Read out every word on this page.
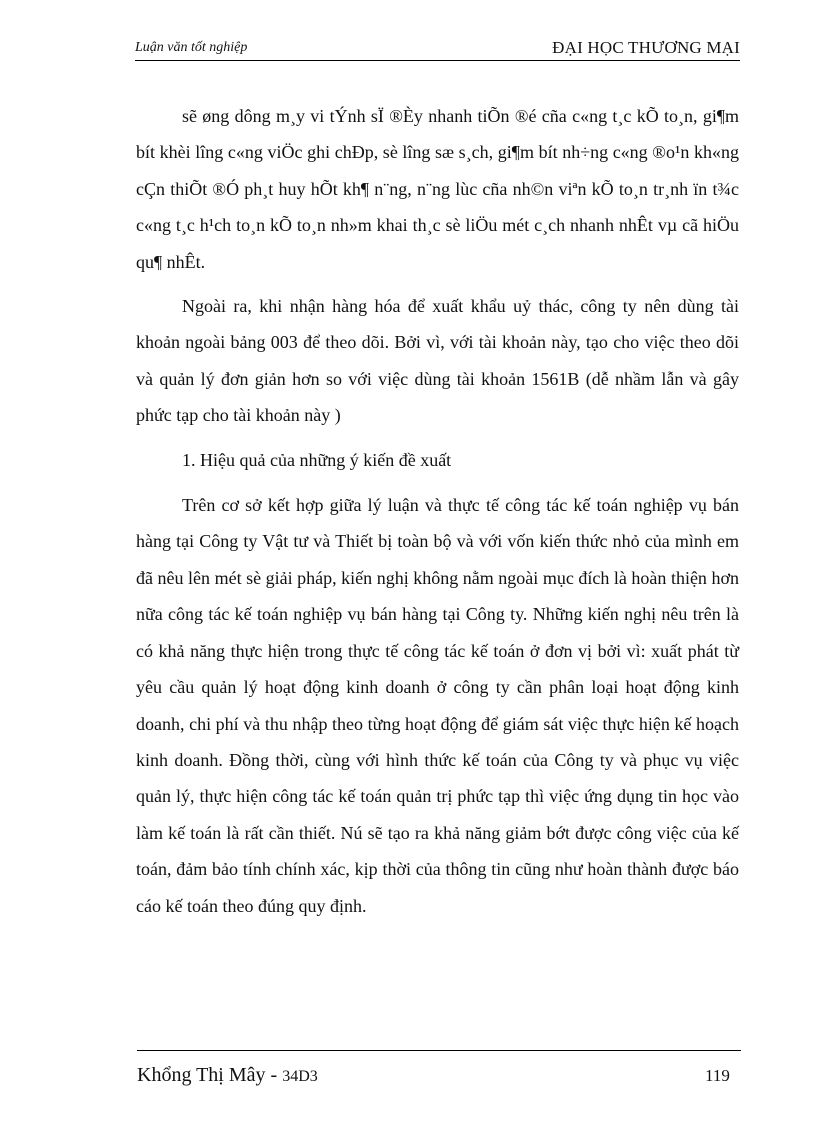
Luận văn tốt nghiệp	ĐẠI HỌC THƯƠNG MẠI

sẽ øng dông m¸y vi tÝnh sÏ ®Èy nhanh tiÕn ®é cña c«ng t¸c kÕ to¸n, gi¶m bít khèi lîng c«ng viÖc ghi chÐp, sè lîng sæ s¸ch, gi¶m bít nh÷ng c«ng ®o¹n kh«ng cÇn thiÕt ®Ó ph¸t huy hÕt kh¶ n¨ng, n¨ng lùc cña nh©n viªn kÕ to¸n tr¸nh ïn t¾c c«ng t¸c h¹ch to¸n kÕ to¸n nh»m khai th¸c sè liÖu mét c¸ch nhanh nhÊt vµ cã hiÖu qu¶ nhÊt.

Ngoài ra, khi nhận hàng hóa để xuất khẩu uỷ thác, công ty nên dùng tài khoản ngoài bảng 003 để theo dõi. Bởi vì, với tài khoản này, tạo cho việc theo dõi và quản lý đơn giản hơn so với việc dùng tài khoản 1561B (dễ nhầm lẫn và gây phức tạp cho tài khoản này )

1. Hiệu quả của những ý kiến đề xuất

Trên cơ sở kết hợp giữa lý luận và thực tế công tác kế toán nghiệp vụ bán hàng tại Công ty Vật tư và Thiết bị toàn bộ và với vốn kiến thức nhỏ của mình em đã nêu lên mét sè giải pháp, kiến nghị không nằm ngoài mục đích là hoàn thiện hơn nữa công tác kế toán nghiệp vụ bán hàng tại Công ty. Những kiến nghị nêu trên là có khả năng thực hiện trong thực tế công tác kế toán ở đơn vị bởi vì: xuất phát từ yêu cầu quản lý hoạt động kinh doanh ở công ty cần phân loại hoạt động kinh doanh, chi phí và thu nhập theo từng hoạt động để giám sát việc thực hiện kế hoạch kinh doanh. Đồng thời, cùng với hình thức kế toán của Công ty và phục vụ việc quản lý, thực hiện công tác kế toán quản trị phức tạp thì việc ứng dụng tin học vào làm kế toán là rất cần thiết. Nú sẽ tạo ra khả năng giảm bớt được công việc của kế toán, đảm bảo tính chính xác, kịp thời của thông tin cũng như hoàn thành được báo cáo kế toán theo đúng quy định.

Khổng Thị Mây - 34D3	119
